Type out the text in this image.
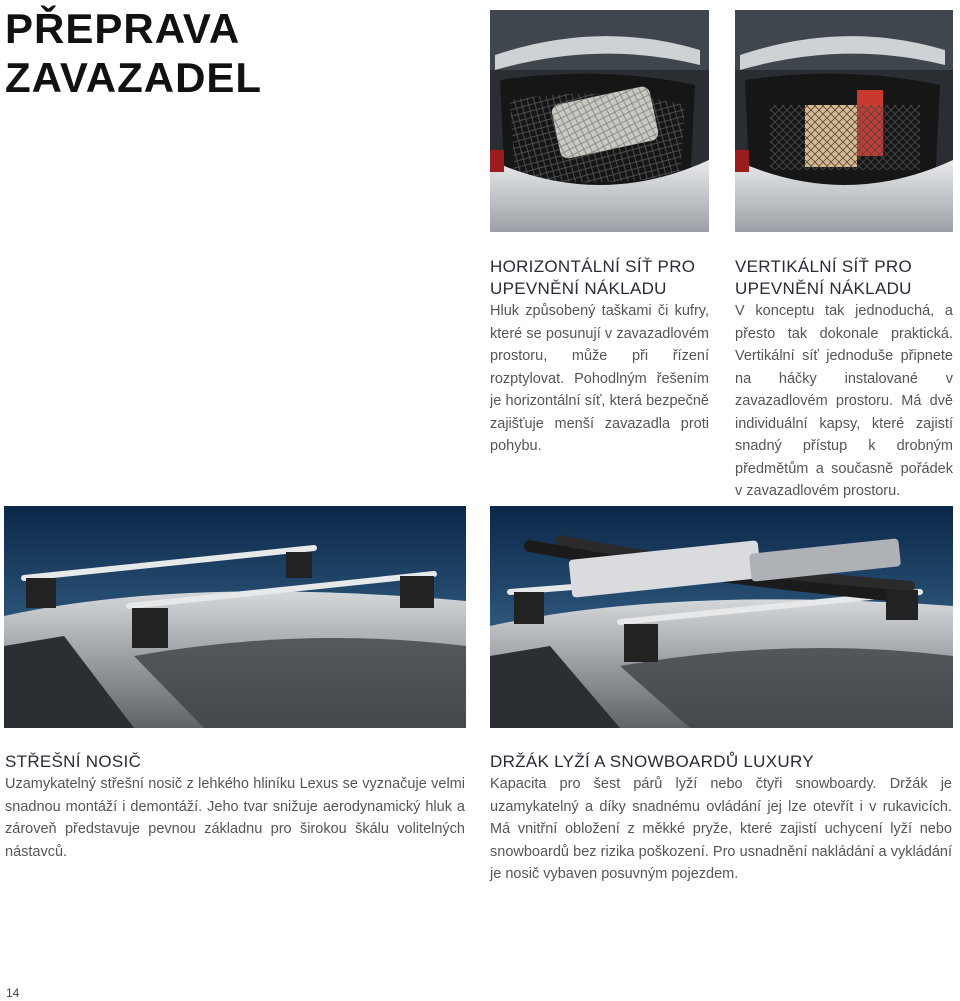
PŘEPRAVA
ZAVAZADEL
HORIZONTÁLNÍ SÍŤ PRO
UPEVNĚNÍ NÁKLADU
Hluk způsobený taškami či kufry, které se posunují v zavazadlovém prostoru, může při řízení rozptylovat. Pohodlným řešením je horizontální síť, která bezpečně zajišťuje menší zavazadla proti pohybu.
VERTIKÁLNÍ SÍŤ PRO
UPEVNĚNÍ NÁKLADU
V konceptu tak jednoduchá, a přesto tak dokonale praktická. Vertikální síť jednoduše připnete na háčky instalované v zavazadlovém prostoru. Má dvě individuální kapsy, které zajistí snadný přístup k drobným předmětům a současně pořádek v zavazadlovém prostoru.
STŘEŠNÍ NOSIČ
Uzamykatelný střešní nosič z lehkého hliníku Lexus se vyznačuje velmi snadnou montáží i demontáží. Jeho tvar snižuje aerodynamický hluk a zároveň představuje pevnou základnu pro širokou škálu volitelných nástavců.
DRŽÁK LYŽÍ A SNOWBOARDŮ LUXURY
Kapacita pro šest párů lyží nebo čtyři snowboardy. Držák je uzamykatelný a díky snadnému ovládání jej lze otevřít i v rukavicích. Má vnitřní obložení z měkké pryže, které zajistí uchycení lyží nebo snowboardů bez rizika poškození. Pro usnadnění nakládání a vykládání je nosič vybaven posuvným pojezdem.
14
